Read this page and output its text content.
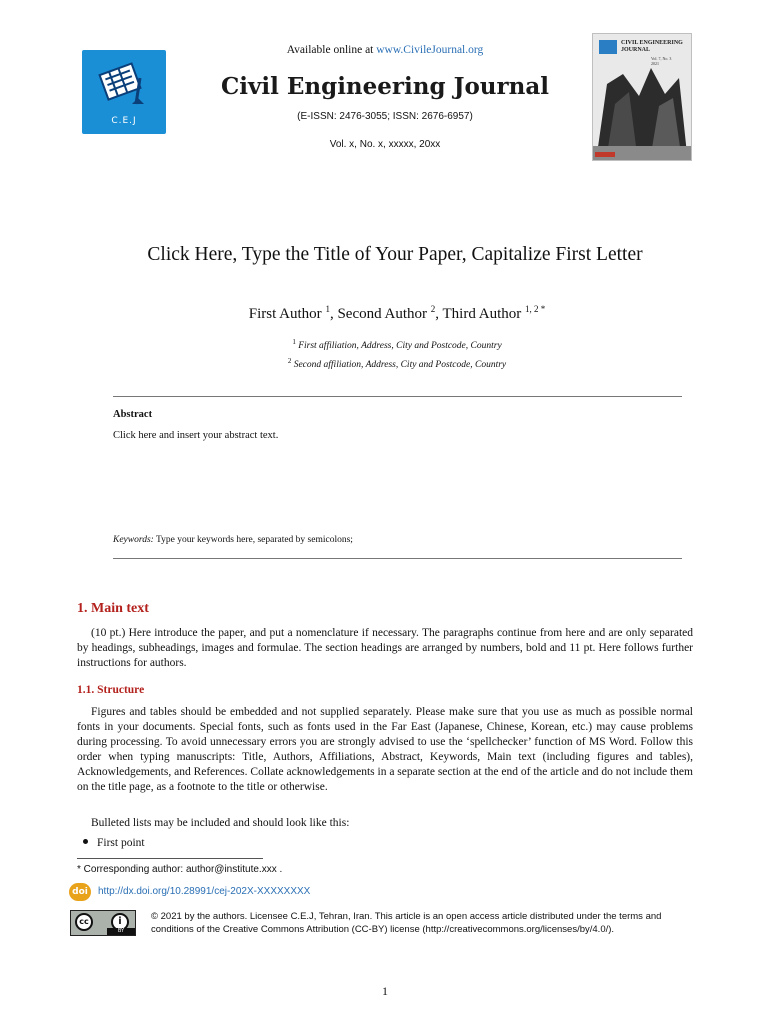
C.E.J
Available online at www.CivileJournal.org
Civil Engineering Journal
(E-ISSN: 2476-3055; ISSN: 2676-6957)
Vol. x, No. x, xxxxx, 20xx
CIVIL ENGINEERING
JOURNAL
Vol. 7, No. 3
2021
Click Here, Type the Title of Your Paper, Capitalize First Letter
First Author $^1$, Second Author $^2$, Third Author $^{1, 2 *}$
$^1$ First affiliation, Address, City and Postcode, Country
$^2$ Second affiliation, Address, City and Postcode, Country
Abstract
Click here and insert your abstract text.
Keywords: Type your keywords here, separated by semicolons;
1. Main text
(10 pt.) Here introduce the paper, and put a nomenclature if necessary. The paragraphs continue from here and are only separated by headings, subheadings, images and formulae. The section headings are arranged by numbers, bold and 11 pt. Here follows further instructions for authors.
1.1. Structure
Figures and tables should be embedded and not supplied separately. Please make sure that you use as much as possible normal fonts in your documents. Special fonts, such as fonts used in the Far East (Japanese, Chinese, Korean, etc.) may cause problems during processing. To avoid unnecessary errors you are strongly advised to use the ‘spellchecker’ function of MS Word. Follow this order when typing manuscripts: Title, Authors, Affiliations, Abstract, Keywords, Main text (including figures and tables), Acknowledgements, and References. Collate acknowledgements in a separate section at the end of the article and do not include them on the title page, as a footnote to the title or otherwise.
Bulleted lists may be included and should look like this:
First point
* Corresponding author: author@institute.xxx .
doi	http://dx.doi.org/10.28991/cej-202X-XXXXXXXX
cc	i
BY
© 2021 by the authors. Licensee C.E.J, Tehran, Iran. This article is an open access article distributed under the terms and conditions of the Creative Commons Attribution (CC-BY) license (http://creativecommons.org/licenses/by/4.0/).
1
